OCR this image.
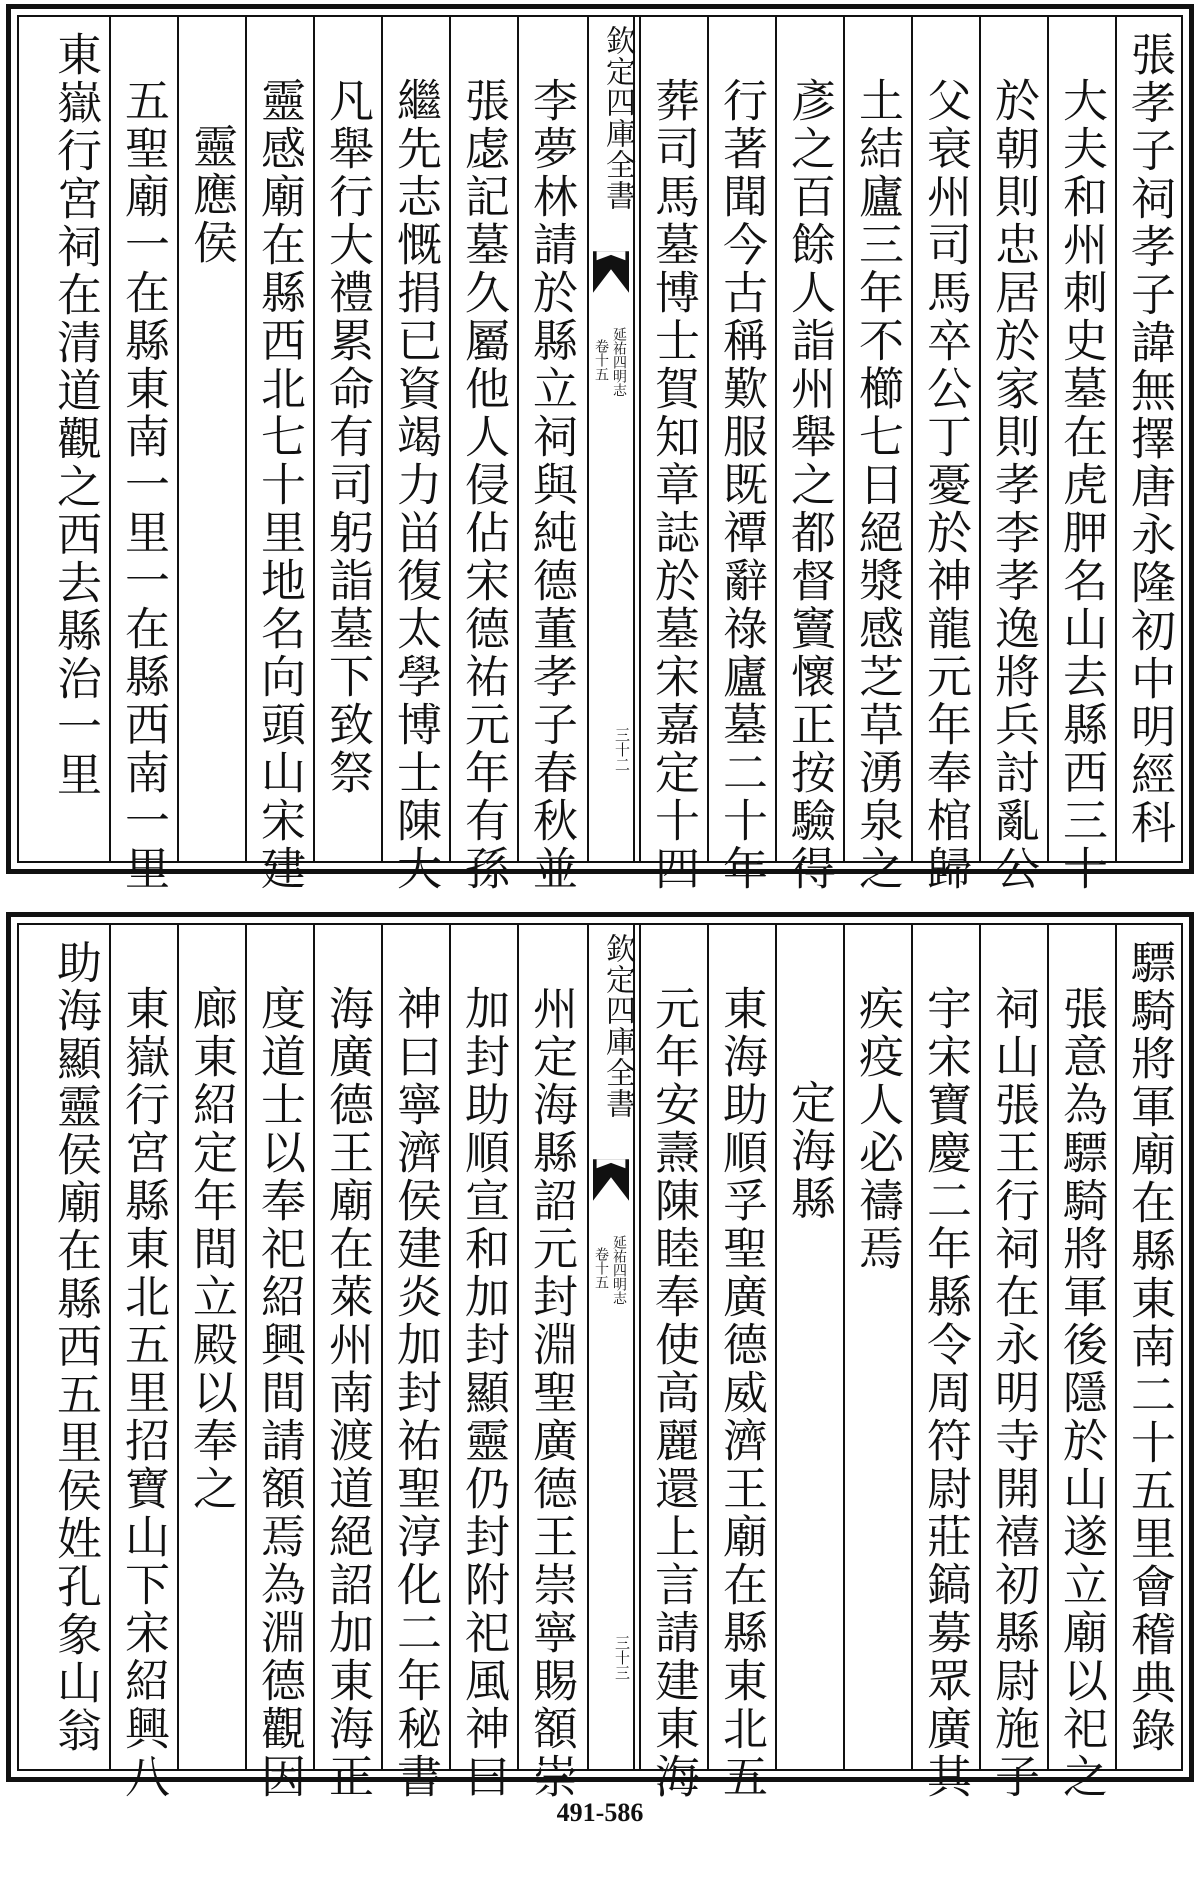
張孝子祠孝子諱無擇唐永隆初中明經科
大夫和州刺史墓在虎胛名山去縣西三十
於朝則忠居於家則孝李孝逸將兵討亂公
父衰州司馬卒公丁憂於神龍元年奉棺歸
土結廬三年不櫛七日絕漿感芝草湧泉之
彥之百餘人詣州舉之都督竇懷正按驗得
行著聞今古稱歎服既禫辭祿廬墓二十年
葬司馬墓博士賀知章誌於墓宋嘉定十四
欽定四庫全書
延祐四明志
卷十五
三十二
李夢林請於縣立祠與純德董孝子春秋並
張虙記墓久屬他人侵佔宋德祐元年有孫
繼先志慨捐已資竭力畄復太學博士陳大
凡舉行大禮累命有司躬詣墓下致祭
靈感廟在縣西北七十里地名向頭山宋建
靈應侯
五聖廟一在縣東南一里一在縣西南一里
東嶽行宮祠在清道觀之西去縣治一里
驃騎將軍廟在縣東南二十五里會稽典錄
張意為驃騎將軍後隱於山遂立廟以祀之
祠山張王行祠在永明寺開禧初縣尉施子
宇宋寶慶二年縣令周符尉莊鎬募眾廣其
疾疫人必禱焉
定海縣
東海助順孚聖廣德威濟王廟在縣東北五
元年安燾陳睦奉使高麗還上言請建東海
欽定四庫全書
延祐四明志
卷十五
三十三
州定海縣詔元封淵聖廣德王崇寧賜額崇
加封助順宣和加封顯靈仍封附祀風神曰
神曰寧濟侯建炎加封祐聖淳化二年秘書
海廣德王廟在萊州南渡道絕詔加東海正
度道士以奉祀紹興間請額焉為淵德觀因
廊東紹定年間立殿以奉之
東嶽行宮縣東北五里招寶山下宋紹興八
助海顯靈侯廟在縣西五里侯姓孔象山翁
491-586
